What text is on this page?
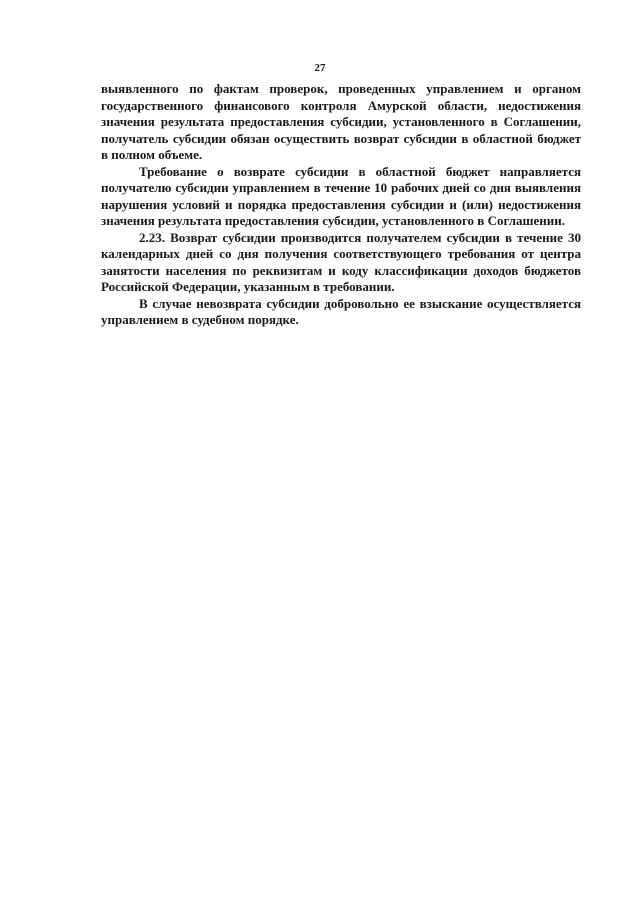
27

выявленного по фактам проверок, проведенных управлением и органом государственного финансового контроля Амурской области, недостижения значения результата предоставления субсидии, установленного в Соглашении, получатель субсидии обязан осуществить возврат субсидии в областной бюджет в полном объеме.

Требование о возврате субсидии в областной бюджет направляется получателю субсидии управлением в течение 10 рабочих дней со дня выявления нарушения условий и порядка предоставления субсидии и (или) недостижения значения результата предоставления субсидии, установленного в Соглашении.

2.23. Возврат субсидии производится получателем субсидии в течение 30 календарных дней со дня получения соответствующего требования от центра занятости населения по реквизитам и коду классификации доходов бюджетов Российской Федерации, указанным в требовании.

В случае невозврата субсидии добровольно ее взыскание осуществляется управлением в судебном порядке.
